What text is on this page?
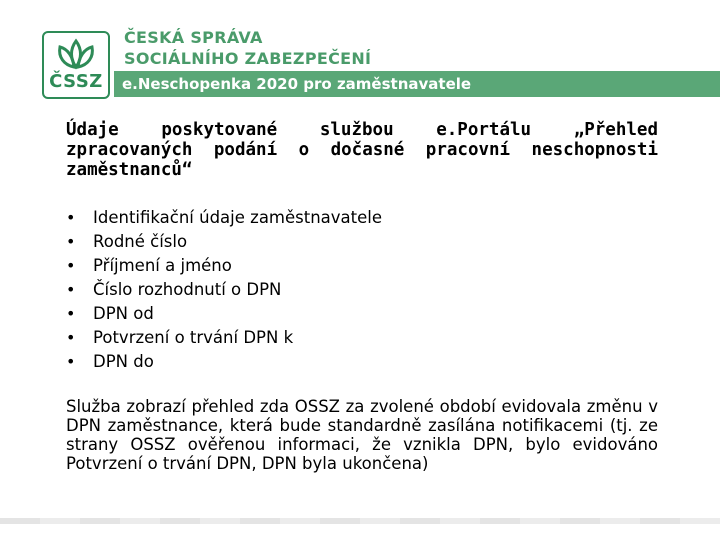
ČSSZ
ČESKÁ SPRÁVA
SOCIÁLNÍHO ZABEZPEČENÍ
e.Neschopenka 2020 pro zaměstnavatele
Údaje poskytované službou e.Portálu „Přehled zpracovaných podání o dočasné pracovní neschopnosti zaměstnanců“
• Identifikační údaje zaměstnavatele
• Rodné číslo
• Příjmení a jméno
• Číslo rozhodnutí o DPN
• DPN od
• Potvrzení o trvání DPN k
• DPN do
Služba zobrazí přehled zda OSSZ za zvolené období evidovala změnu v DPN zaměstnance, která bude standardně zasílána notifikacemi (tj. ze strany OSSZ ověřenou informaci, že vznikla DPN, bylo evidováno Potvrzení o trvání DPN, DPN byla ukončena)
